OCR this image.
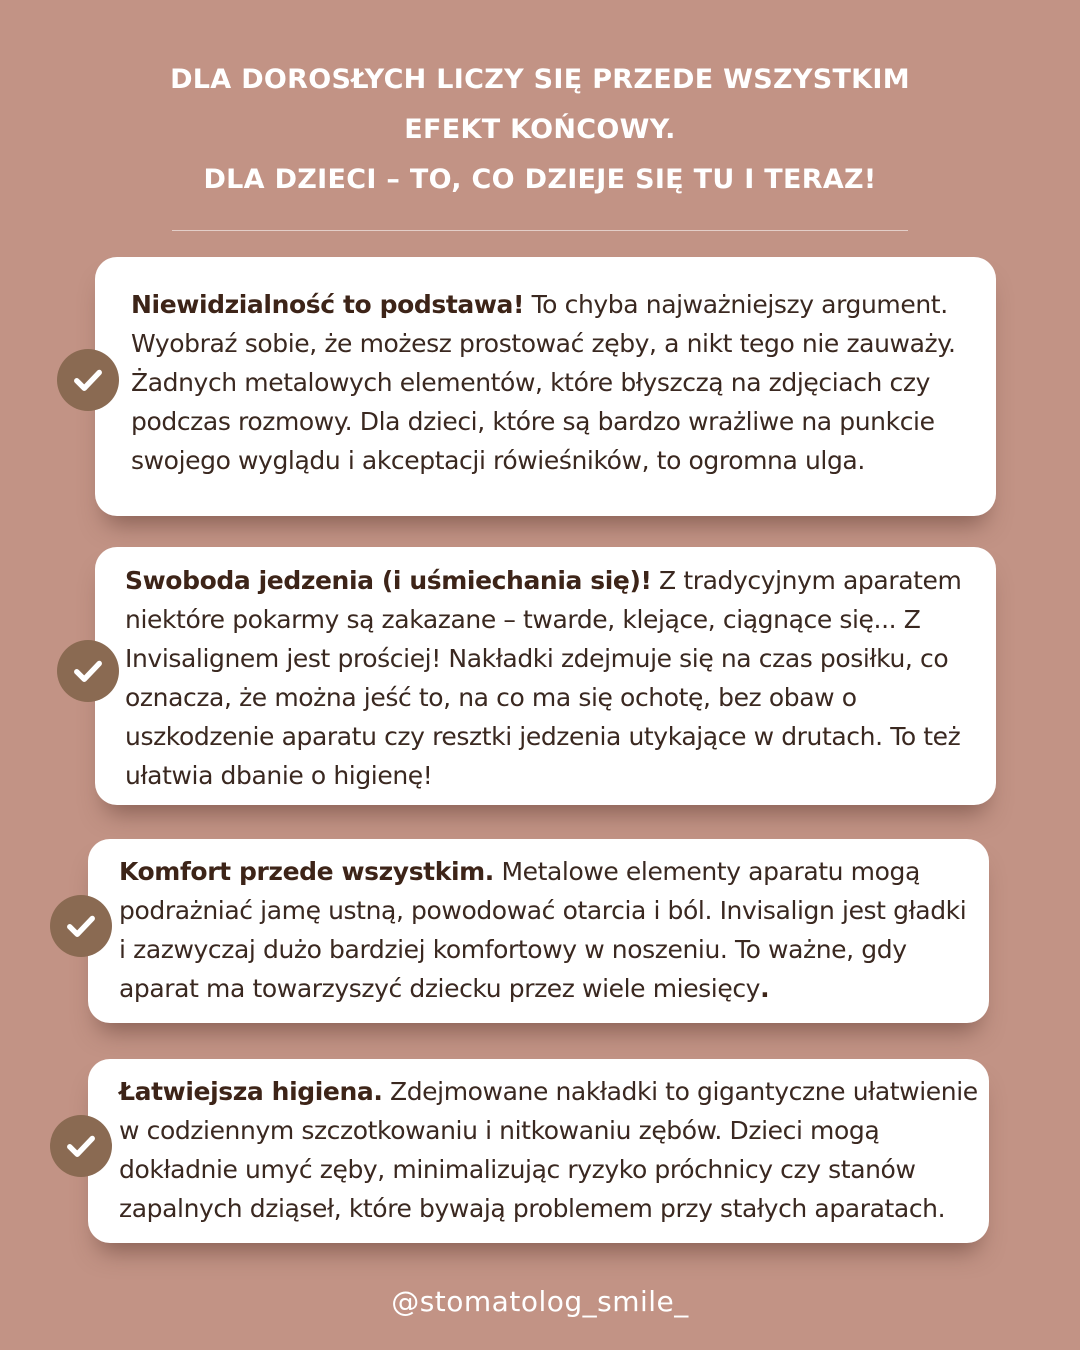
DLA DOROSŁYCH LICZY SIĘ PRZEDE WSZYSTKIM
EFEKT KOŃCOWY.
DLA DZIECI – TO, CO DZIEJE SIĘ TU I TERAZ!

Niewidzialność to podstawa! To chyba najważniejszy argument. Wyobraź sobie, że możesz prostować zęby, a nikt tego nie zauważy. Żadnych metalowych elementów, które błyszczą na zdjęciach czy podczas rozmowy. Dla dzieci, które są bardzo wrażliwe na punkcie swojego wyglądu i akceptacji rówieśników, to ogromna ulga.

Swoboda jedzenia (i uśmiechania się)! Z tradycyjnym aparatem niektóre pokarmy są zakazane – twarde, klejące, ciągnące się... Z Invisalignem jest prościej! Nakładki zdejmuje się na czas posiłku, co oznacza, że można jeść to, na co ma się ochotę, bez obaw o uszkodzenie aparatu czy resztki jedzenia utykające w drutach. To też ułatwia dbanie o higienę!

Komfort przede wszystkim. Metalowe elementy aparatu mogą podrażniać jamę ustną, powodować otarcia i ból. Invisalign jest gładki i zazwyczaj dużo bardziej komfortowy w noszeniu. To ważne, gdy aparat ma towarzyszyć dziecku przez wiele miesięcy.

Łatwiejsza higiena. Zdejmowane nakładki to gigantyczne ułatwienie w codziennym szczotkowaniu i nitkowaniu zębów. Dzieci mogą dokładnie umyć zęby, minimalizując ryzyko próchnicy czy stanów zapalnych dziąseł, które bywają problemem przy stałych aparatach.

@stomatolog_smile_
